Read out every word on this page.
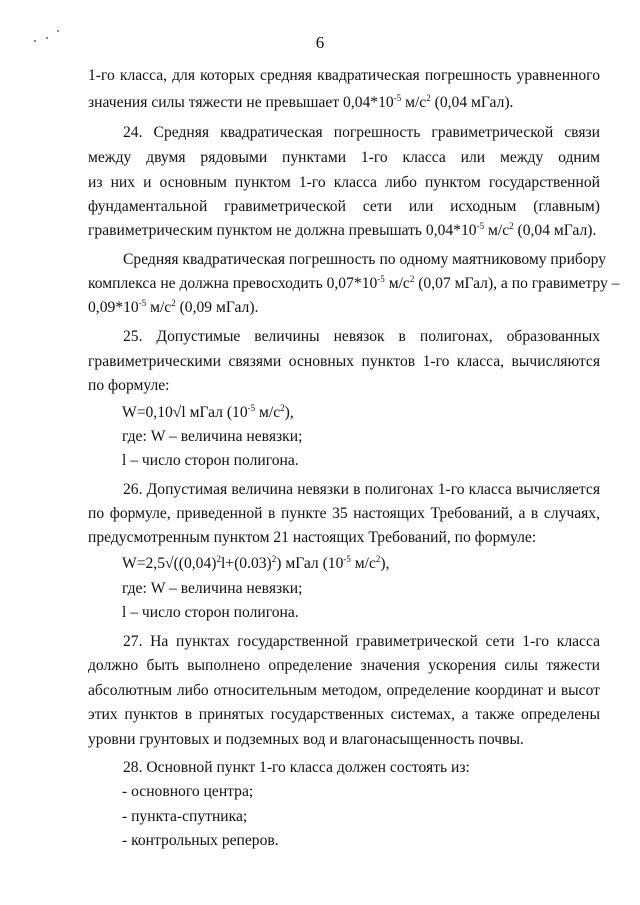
6
1-го класса, для которых средняя квадратическая погрешность уравненного
значения силы тяжести не превышает $0,04*10^{-5}$ $м/с^2$ (0,04 мГал).
24. Средняя квадратическая погрешность гравиметрической связи
между двумя рядовыми пунктами 1-го класса или между одним
из них и основным пунктом 1-го класса либо пунктом государственной
фундаментальной гравиметрической сети или исходным (главным)
гравиметрическим пунктом не должна превышать $0,04*10^{-5}$ $м/с^2$ (0,04 мГал).
Средняя квадратическая погрешность по одному маятниковому прибору
комплекса не должна превосходить $0,07*10^{-5}$ $м/с^2$ (0,07 мГал), а по гравиметру –
$0,09*10^{-5}$ $м/с^2$ (0,09 мГал).
25. Допустимые величины невязок в полигонах, образованных
гравиметрическими связями основных пунктов 1-го класса, вычисляются
по формуле:
W=0,10√l мГал ($10^{-5}$ $м/с^2$),
где: W – величина невязки;
l – число сторон полигона.
26. Допустимая величина невязки в полигонах 1-го класса вычисляется
по формуле, приведенной в пункте 35 настоящих Требований, а в случаях,
предусмотренным пунктом 21 настоящих Требований, по формуле:
$W=2,5√((0,04)^2l+(0.03)^2)$ мГал ($10^{-5}$ $м/с^2$),
где: W – величина невязки;
l – число сторон полигона.
27. На пунктах государственной гравиметрической сети 1-го класса
должно быть выполнено определение значения ускорения силы тяжести
абсолютным либо относительным методом, определение координат и высот
этих пунктов в принятых государственных системах, а также определены
уровни грунтовых и подземных вод и влагонасыщенность почвы.
28. Основной пункт 1-го класса должен состоять из:
- основного центра;
- пункта-спутника;
- контрольных реперов.
